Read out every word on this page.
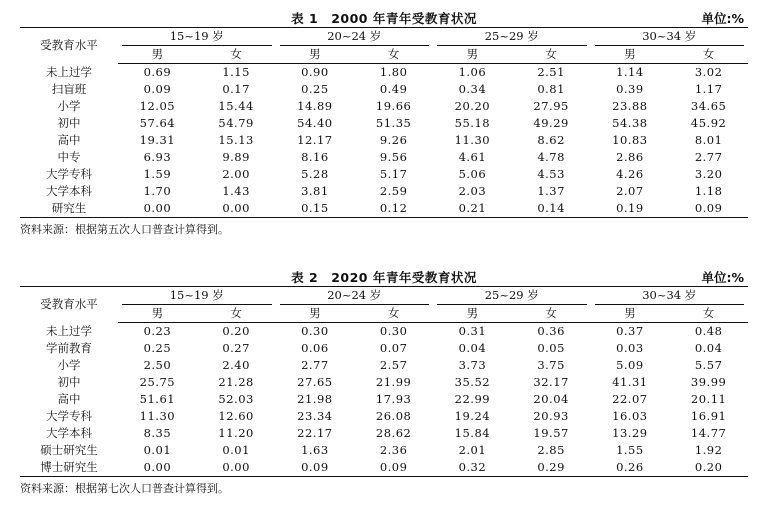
表 1　2000 年青年受教育状况	单位:%
受教育水平	15~19 岁		20~24 岁		25~29 岁		30~34 岁	

	男	女	男	女	男	女	男	女
未上过学	0.69	1.15	0.90	1.80	1.06	2.51	1.14	3.02
扫盲班	0.09	0.17	0.25	0.49	0.34	0.81	0.39	1.17
小学	12.05	15.44	14.89	19.66	20.20	27.95	23.88	34.65
初中	57.64	54.79	54.40	51.35	55.18	49.29	54.38	45.92
高中	19.31	15.13	12.17	9.26	11.30	8.62	10.83	8.01
中专	6.93	9.89	8.16	9.56	4.61	4.78	2.86	2.77
大学专科	1.59	2.00	5.28	5.17	5.06	4.53	4.26	3.20
大学本科	1.70	1.43	3.81	2.59	2.03	1.37	2.07	1.18
研究生	0.00	0.00	0.15	0.12	0.21	0.14	0.19	0.09
资料来源：根据第五次人口普查计算得到。
表 2　2020 年青年受教育状况	单位:%
受教育水平	15~19 岁		20~24 岁		25~29 岁		30~34 岁	

	男	女	男	女	男	女	男	女
未上过学	0.23	0.20	0.30	0.30	0.31	0.36	0.37	0.48
学前教育	0.25	0.27	0.06	0.07	0.04	0.05	0.03	0.04
小学	2.50	2.40	2.77	2.57	3.73	3.75	5.09	5.57
初中	25.75	21.28	27.65	21.99	35.52	32.17	41.31	39.99
高中	51.61	52.03	21.98	17.93	22.99	20.04	22.07	20.11
大学专科	11.30	12.60	23.34	26.08	19.24	20.93	16.03	16.91
大学本科	8.35	11.20	22.17	28.62	15.84	19.57	13.29	14.77
硕士研究生	0.01	0.01	1.63	2.36	2.01	2.85	1.55	1.92
博士研究生	0.00	0.00	0.09	0.09	0.32	0.29	0.26	0.20
资料来源：根据第七次人口普查计算得到。
